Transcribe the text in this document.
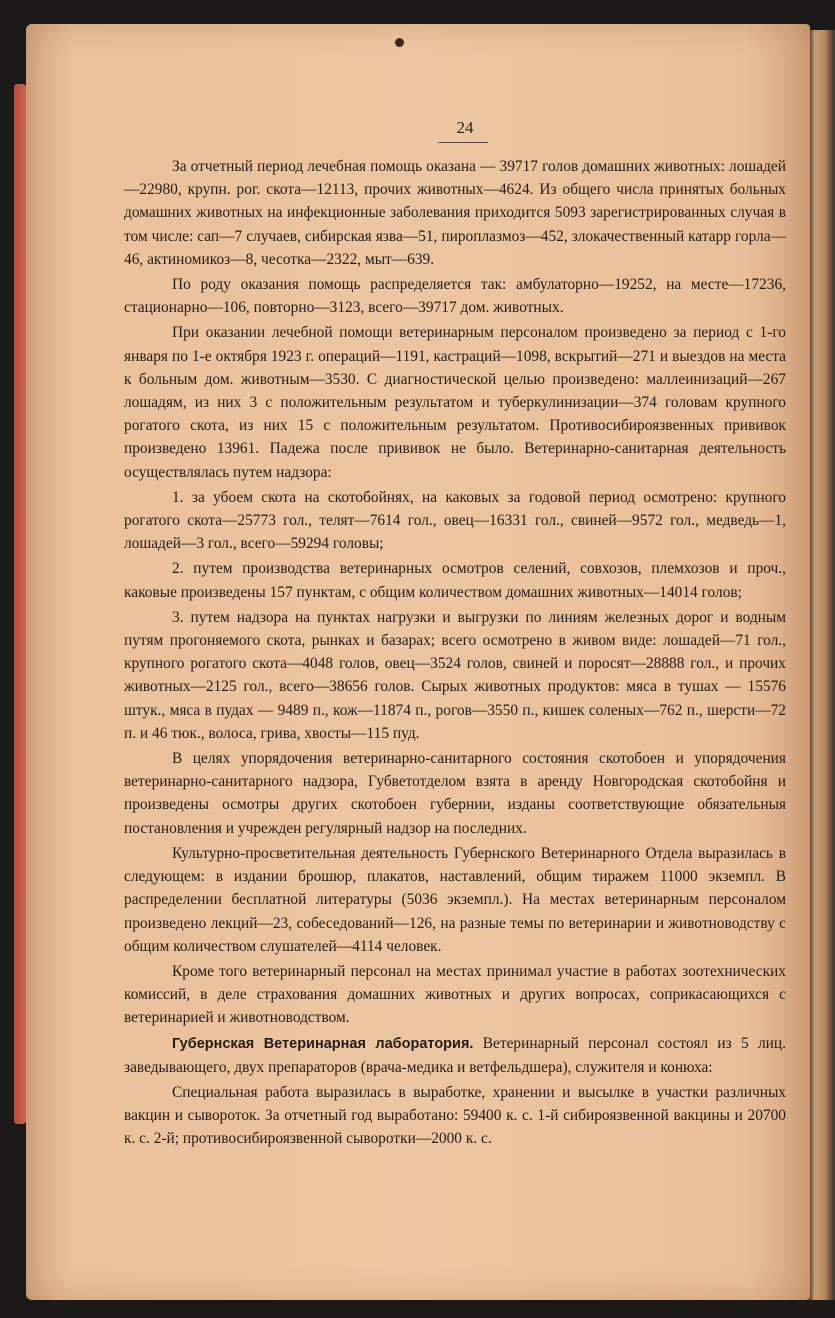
24

За отчетный период лечебная помощь оказана — 39717 голов домашних животных: лошадей—22980, крупн. рог. скота—12113, прочих животных—4624. Из общего числа принятых больных домашних животных на инфекционные заболевания приходится 5093 зарегистрированных случая в том числе: сап—7 случаев, сибирская язва—51, пироплазмоз—452, злокачественный катарр горла—46, актиномикоз—8, чесотка—2322, мыт—639.

По роду оказания помощь распределяется так: амбулаторно—19252, на месте—17236, стационарно—106, повторно—3123, всего—39717 дом. животных.

При оказании лечебной помощи ветеринарным персоналом произведено за период с 1-го января по 1-е октября 1923 г. операций—1191, кастраций—1098, вскрытий—271 и выездов на места к больным дом. животным—3530. С диагностической целью произведено: маллеинизаций—267 лошадям, из них 3 с положительным результатом и туберкулинизации—374 головам крупного рогатого скота, из них 15 с положительным результатом. Противосибироязвенных прививок произведено 13961. Падежа после прививок не было. Ветеринарно-санитарная деятельность осуществлялась путем надзора:

1. за убоем скота на скотобойнях, на каковых за годовой период осмотрено: крупного рогатого скота—25773 гол., телят—7614 гол., овец—16331 гол., свиней—9572 гол., медведь—1, лошадей—3 гол., всего—59294 головы;

2. путем производства ветеринарных осмотров селений, совхозов, племхозов и проч., каковые произведены 157 пунктам, с общим количеством домашних животных—14014 голов;

3. путем надзора на пунктах нагрузки и выгрузки по линиям железных дорог и водным путям прогоняемого скота, рынках и базарах; всего осмотрено в живом виде: лошадей—71 гол., крупного рогатого скота—4048 голов, овец—3524 голов, свиней и поросят—28888 гол., и прочих животных—2125 гол., всего—38656 голов. Сырых животных продуктов: мяса в тушах — 15576 штук., мяса в пудах — 9489 п., кож—11874 п., рогов—3550 п., кишек соленых—762 п., шерсти—72 п. и 46 тюк., волоса, грива, хвосты—115 пуд.

В целях упорядочения ветеринарно-санитарного состояния скотобоен и упорядочения ветеринарно-санитарного надзора, Губветотделом взята в аренду Новгородская скотобойня и произведены осмотры других скотобоен губернии, изданы соответствующие обязательныя постановления и учрежден регулярный надзор на последних.

Культурно-просветительная деятельность Губернского Ветеринарного Отдела выразилась в следующем: в издании брошюр, плакатов, наставлений, общим тиражем 11000 экземпл. В распределении бесплатной литературы (5036 экземпл.). На местах ветеринарным персоналом произведено лекций—23, собеседований—126, на разные темы по ветеринарии и животноводству с общим количеством слушателей—4114 человек.

Кроме того ветеринарный персонал на местах принимал участие в работах зоотехнических комиссий, в деле страхования домашних животных и других вопросах, соприкасающихся с ветеринарией и животноводством.

Губернская Ветеринарная лаборатория. Ветеринарный персонал состоял из 5 лиц. заведывающего, двух препараторов (врача-медика и ветфельдшера), служителя и конюха:

Специальная работа выразилась в выработке, хранении и высылке в участки различных вакцин и сывороток. За отчетный год выработано: 59400 к. с. 1-й сибироязвенной вакцины и 20700 к. с. 2-й; противосибироязвенной сыворотки—2000 к. с.
